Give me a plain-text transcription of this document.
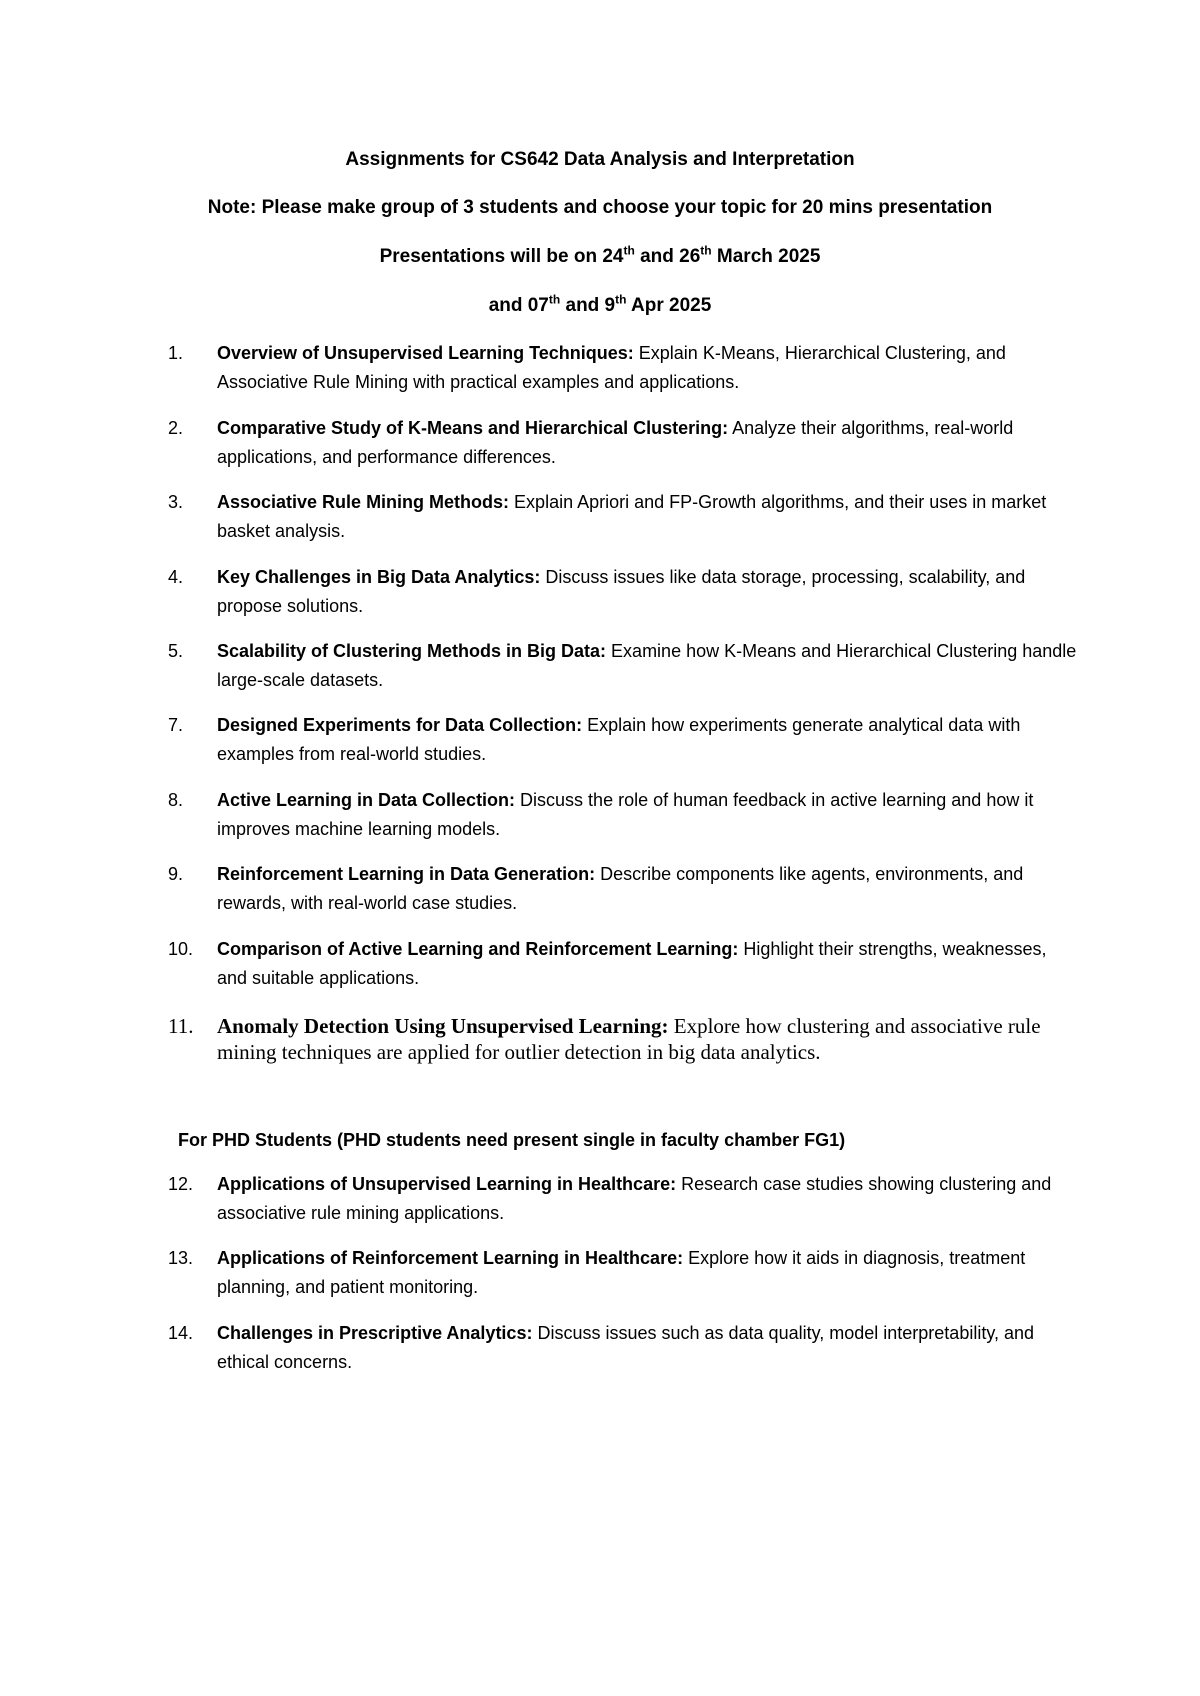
Assignments for CS642 Data Analysis and Interpretation
Note: Please make group of 3 students and choose your topic for 20 mins presentation
Presentations will be on 24th and 26th March 2025
and 07th and 9th Apr 2025
1.	Overview of Unsupervised Learning Techniques: Explain K-Means, Hierarchical Clustering, and Associative Rule Mining with practical examples and applications.
2.	Comparative Study of K-Means and Hierarchical Clustering: Analyze their algorithms, real-world applications, and performance differences.
3.	Associative Rule Mining Methods: Explain Apriori and FP-Growth algorithms, and their uses in market basket analysis.
4.	Key Challenges in Big Data Analytics: Discuss issues like data storage, processing, scalability, and propose solutions.
5.	Scalability of Clustering Methods in Big Data: Examine how K-Means and Hierarchical Clustering handle large-scale datasets.
7.	Designed Experiments for Data Collection: Explain how experiments generate analytical data with examples from real-world studies.
8.	Active Learning in Data Collection: Discuss the role of human feedback in active learning and how it improves machine learning models.
9.	Reinforcement Learning in Data Generation: Describe components like agents, environments, and rewards, with real-world case studies.
10.	Comparison of Active Learning and Reinforcement Learning: Highlight their strengths, weaknesses, and suitable applications.
11.	Anomaly Detection Using Unsupervised Learning: Explore how clustering and associative rule mining techniques are applied for outlier detection in big data analytics.
For PHD Students (PHD students need present single in faculty chamber FG1)
12.	Applications of Unsupervised Learning in Healthcare: Research case studies showing clustering and associative rule mining applications.
13.	Applications of Reinforcement Learning in Healthcare: Explore how it aids in diagnosis, treatment planning, and patient monitoring.
14.	Challenges in Prescriptive Analytics: Discuss issues such as data quality, model interpretability, and ethical concerns.
